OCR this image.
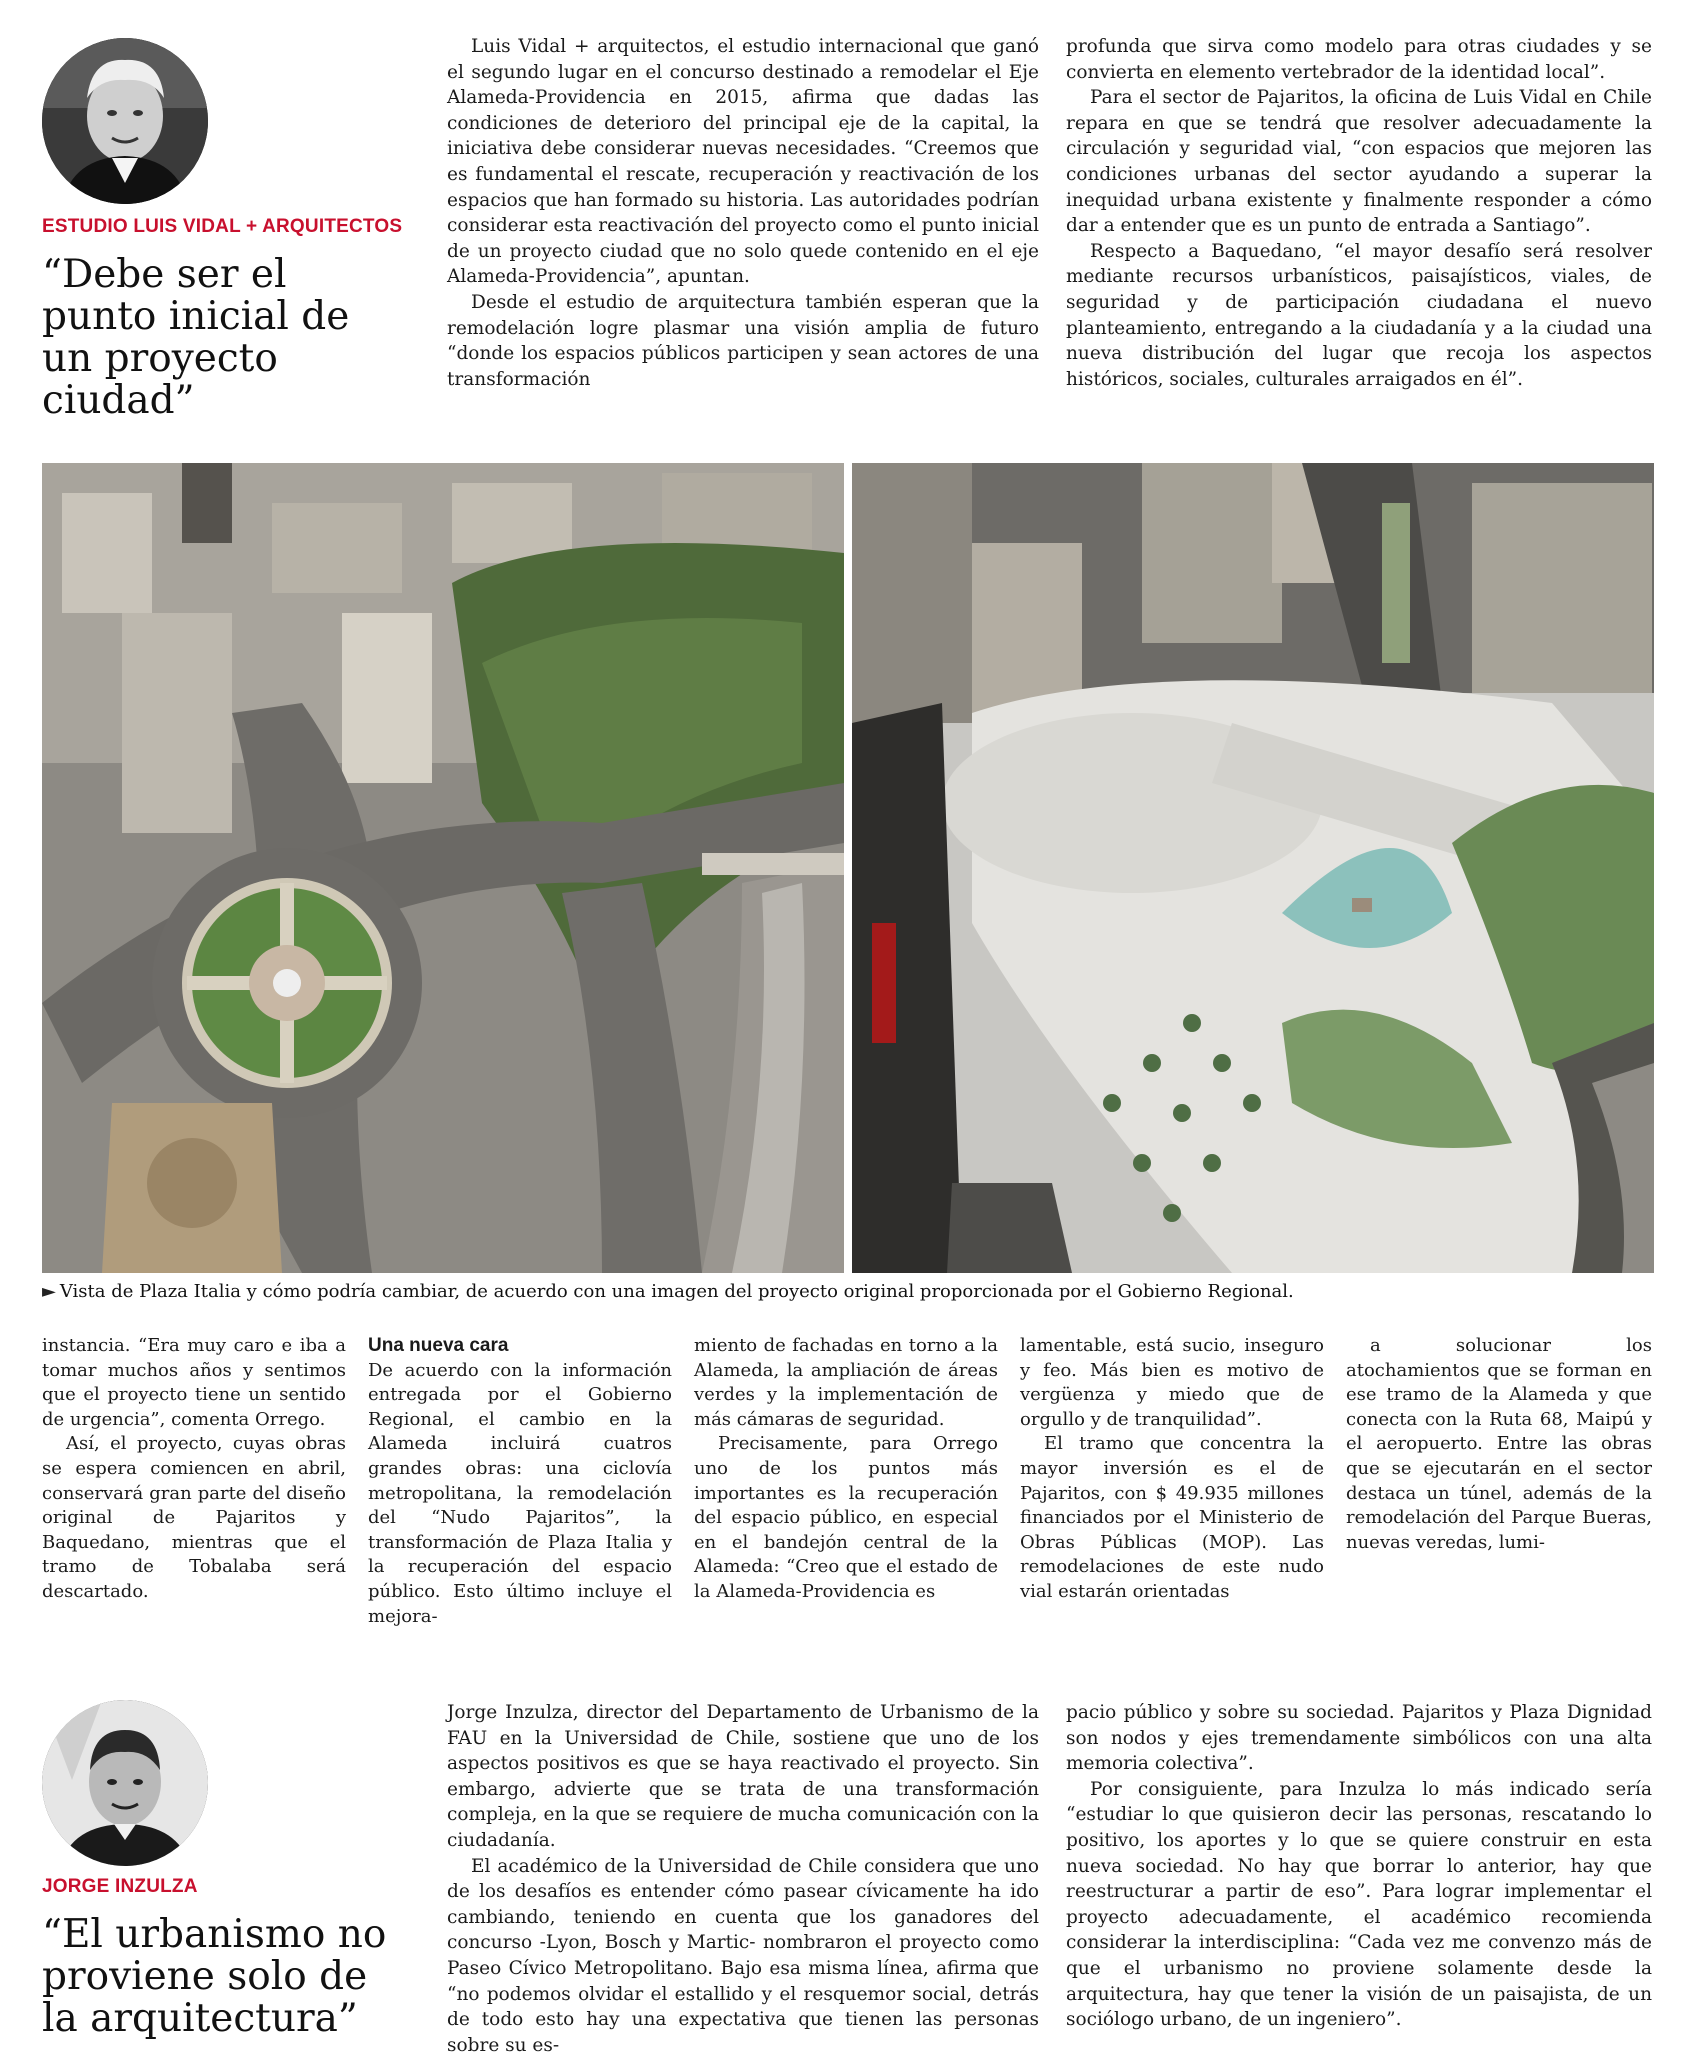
ESTUDIO LUIS VIDAL + ARQUITECTOS
“Debe ser el punto inicial de un proyecto ciudad”

Luis Vidal + arquitectos, el estudio internacional que ganó el segundo lugar en el concurso destinado a remodelar el Eje Alameda-Providencia en 2015, afirma que dadas las condiciones de deterioro del principal eje de la capital, la iniciativa debe considerar nuevas necesidades. “Creemos que es fundamental el rescate, recuperación y reactivación de los espacios que han formado su historia. Las autoridades podrían considerar esta reactivación del proyecto como el punto inicial de un proyecto ciudad que no solo quede contenido en el eje Alameda-Providencia”, apuntan.

Desde el estudio de arquitectura también esperan que la remodelación logre plasmar una visión amplia de futuro “donde los espacios públicos participen y sean actores de una transformación

profunda que sirva como modelo para otras ciudades y se convierta en elemento vertebrador de la identidad local”.

Para el sector de Pajaritos, la oficina de Luis Vidal en Chile repara en que se tendrá que resolver adecuadamente la circulación y seguridad vial, “con espacios que mejoren las condiciones urbanas del sector ayudando a superar la inequidad urbana existente y finalmente responder a cómo dar a entender que es un punto de entrada a Santiago”.

Respecto a Baquedano, “el mayor desafío será resolver mediante recursos urbanísticos, paisajísticos, viales, de seguridad y de participación ciudadana el nuevo planteamiento, entregando a la ciudadanía y a la ciudad una nueva distribución del lugar que recoja los aspectos históricos, sociales, culturales arraigados en él”.

► Vista de Plaza Italia y cómo podría cambiar, de acuerdo con una imagen del proyecto original proporcionada por el Gobierno Regional.

instancia. “Era muy caro e iba a tomar muchos años y sentimos que el proyecto tiene un sentido de urgencia”, comenta Orrego.

Así, el proyecto, cuyas obras se espera comiencen en abril, conservará gran parte del diseño original de Pajaritos y Baquedano, mientras que el tramo de Tobalaba será descartado.

Una nueva cara

De acuerdo con la información entregada por el Gobierno Regional, el cambio en la Alameda incluirá cuatros grandes obras: una ciclovía metropolitana, la remodelación del “Nudo Pajaritos”, la transformación de Plaza Italia y la recuperación del espacio público. Esto último incluye el mejora-

miento de fachadas en torno a la Alameda, la ampliación de áreas verdes y la implementación de más cámaras de seguridad.

Precisamente, para Orrego uno de los puntos más importantes es la recuperación del espacio público, en especial en el bandejón central de la Alameda: “Creo que el estado de la Alameda-Providencia es

lamentable, está sucio, inseguro y feo. Más bien es motivo de vergüenza y miedo que de orgullo y de tranquilidad”.

El tramo que concentra la mayor inversión es el de Pajaritos, con $ 49.935 millones financiados por el Ministerio de Obras Públicas (MOP). Las remodelaciones de este nudo vial estarán orientadas

a solucionar los atochamientos que se forman en ese tramo de la Alameda y que conecta con la Ruta 68, Maipú y el aeropuerto. Entre las obras que se ejecutarán en el sector destaca un túnel, además de la remodelación del Parque Bueras, nuevas veredas, lumi-

JORGE INZULZA
“El urbanismo no proviene solo de la arquitectura”

Jorge Inzulza, director del Departamento de Urbanismo de la FAU en la Universidad de Chile, sostiene que uno de los aspectos positivos es que se haya reactivado el proyecto. Sin embargo, advierte que se trata de una transformación compleja, en la que se requiere de mucha comunicación con la ciudadanía.

El académico de la Universidad de Chile considera que uno de los desafíos es entender cómo pasear cívicamente ha ido cambiando, teniendo en cuenta que los ganadores del concurso -Lyon, Bosch y Martic- nombraron el proyecto como Paseo Cívico Metropolitano. Bajo esa misma línea, afirma que “no podemos olvidar el estallido y el resquemor social, detrás de todo esto hay una expectativa que tienen las personas sobre su es-

pacio público y sobre su sociedad. Pajaritos y Plaza Dignidad son nodos y ejes tremendamente simbólicos con una alta memoria colectiva”.

Por consiguiente, para Inzulza lo más indicado sería “estudiar lo que quisieron decir las personas, rescatando lo positivo, los aportes y lo que se quiere construir en esta nueva sociedad. No hay que borrar lo anterior, hay que reestructurar a partir de eso”. Para lograr implementar el proyecto adecuadamente, el académico recomienda considerar la interdisciplina: “Cada vez me convenzo más de que el urbanismo no proviene solamente desde la arquitectura, hay que tener la visión de un paisajista, de un sociólogo urbano, de un ingeniero”.
